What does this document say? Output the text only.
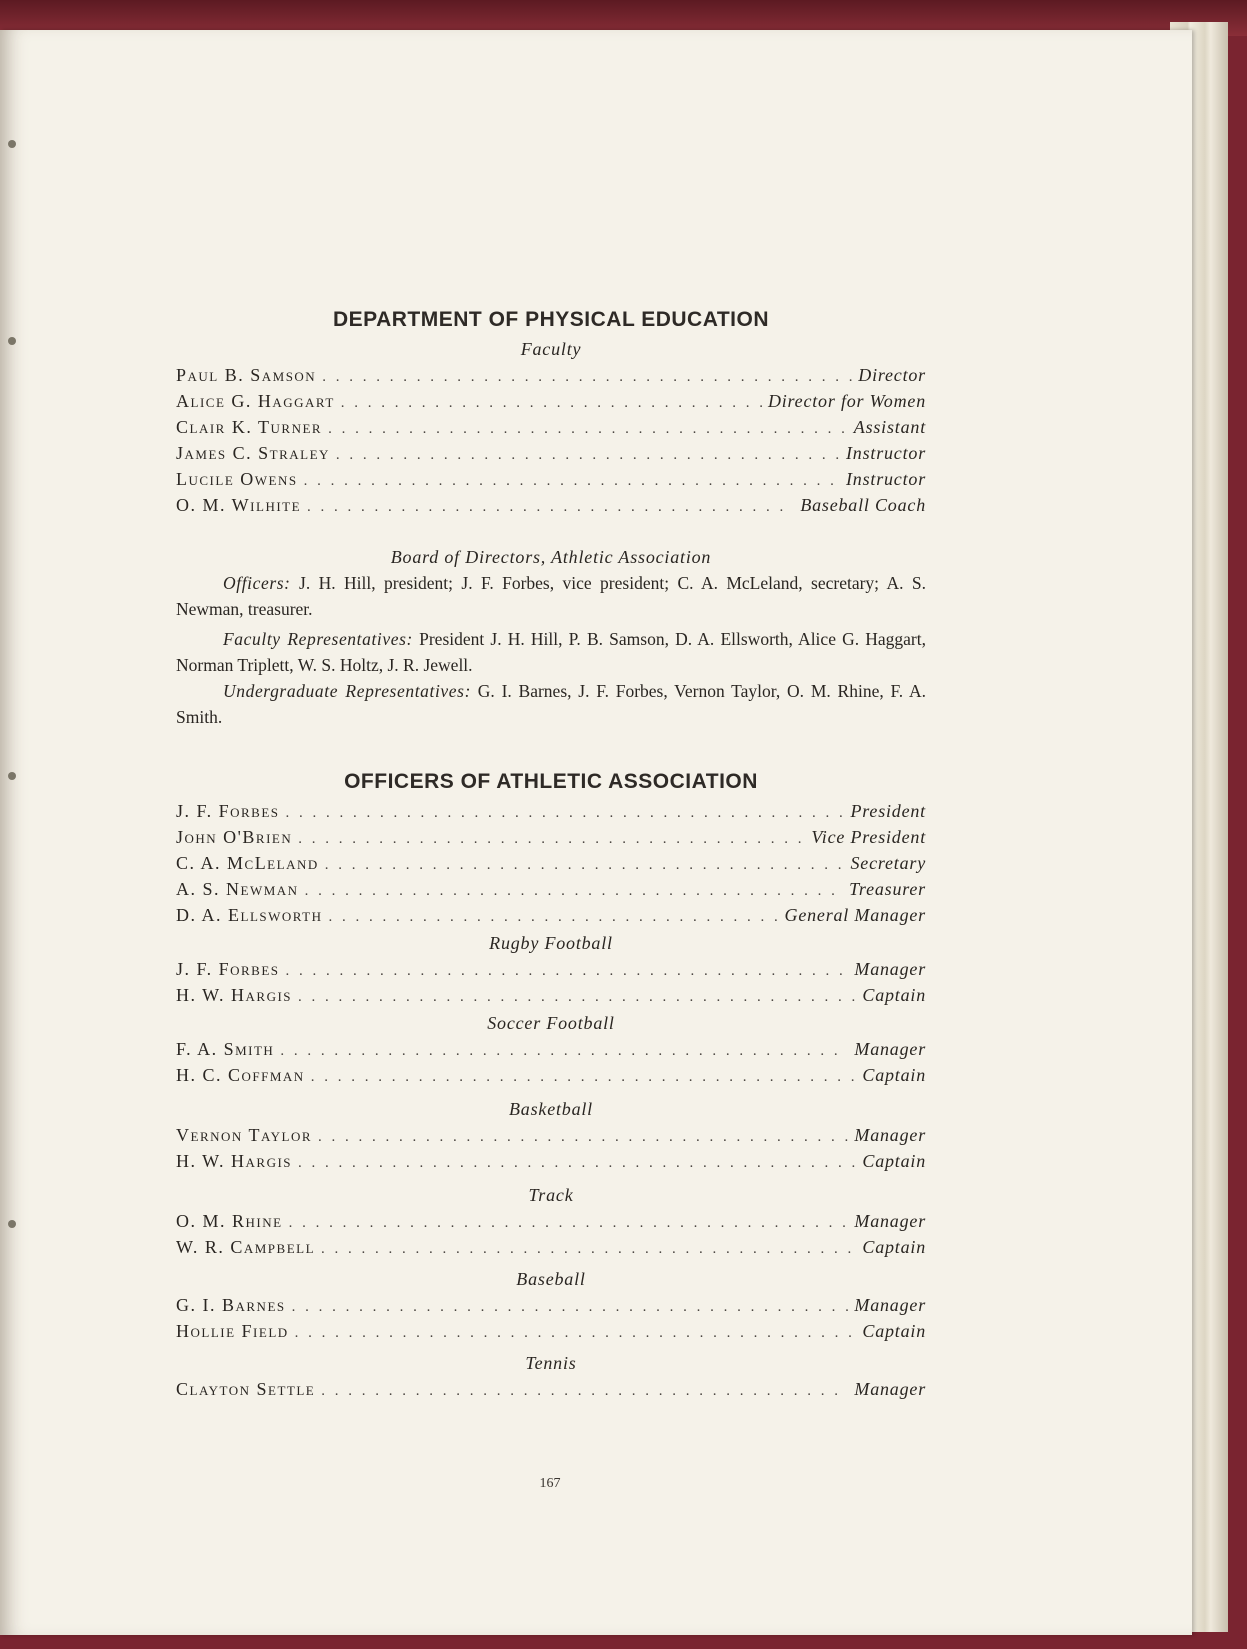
DEPARTMENT OF PHYSICAL EDUCATION

Faculty

Paul B. Samson . . .	Director
Alice G. Haggart . . .	Director for Women
Clair K. Turner . . .	Assistant
James C. Straley . . .	Instructor
Lucile Owens . . .	Instructor
O. M. Wilhite . . .	Baseball Coach

Board of Directors, Athletic Association

Officers: J. H. Hill, president; J. F. Forbes, vice president; C. A. McLeland, secretary; A. S. Newman, treasurer.

Faculty Representatives: President J. H. Hill, P. B. Samson, D. A. Ellsworth, Alice G. Haggart, Norman Triplett, W. S. Holtz, J. R. Jewell.

Undergraduate Representatives: G. I. Barnes, J. F. Forbes, Vernon Taylor, O. M. Rhine, F. A. Smith.

OFFICERS OF ATHLETIC ASSOCIATION
J. F. Forbes . . .	President
John O'Brien . . .	Vice President
C. A. McLeland . . .	Secretary
A. S. Newman . . .	Treasurer
D. A. Ellsworth . . .	General Manager

Rugby Football

J. F. Forbes . . .	Manager
H. W. Hargis . . .	Captain

Soccer Football

F. A. Smith . . .	Manager
H. C. Coffman . . .	Captain

Basketball

Vernon Taylor . . .	Manager
H. W. Hargis . . .	Captain

Track

O. M. Rhine . . .	Manager
W. R. Campbell . . .	Captain

Baseball

G. I. Barnes . . .	Manager
Hollie Field . . .	Captain

Tennis

Clayton Settle . . .	Manager
167
